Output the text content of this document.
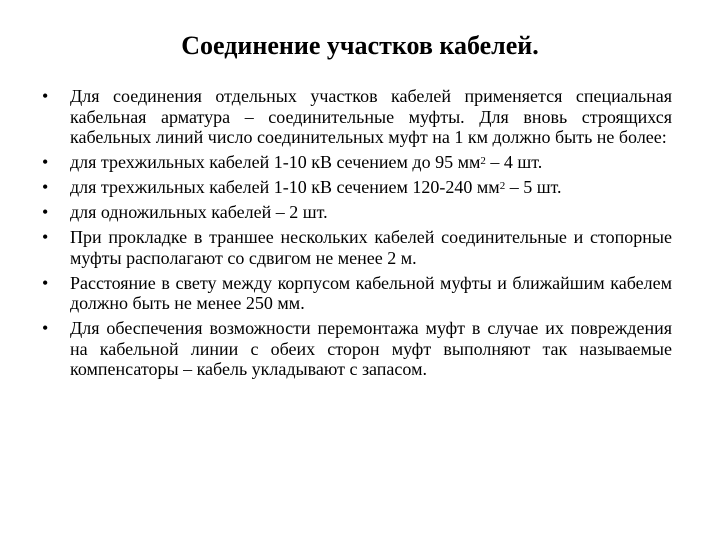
Соединение участков кабелей.
•	Для соединения отдельных участков кабелей применяется специальная кабельная арматура – соединительные муфты. Для вновь строящихся кабельных линий число соединительных муфт на 1 км должно быть не более:
•	для трехжильных кабелей 1-10 кВ сечением до 95 $мм^2 - 4$ шт.
•	для трехжильных кабелей 1-10 кВ сечением 120-240 $мм^2 - 5$ шт.
•	для одножильных кабелей – 2 шт.
•	При прокладке в траншее нескольких кабелей соединительные и стопорные муфты располагают со сдвигом не менее 2 м.
•	Расстояние в свету между корпусом кабельной муфты и ближайшим кабелем должно быть не менее 250 мм.
•	Для обеспечения возможности перемонтажа муфт в случае их повреждения на кабельной линии с обеих сторон муфт выполняют так называемые компенсаторы – кабель укладывают с запасом.
